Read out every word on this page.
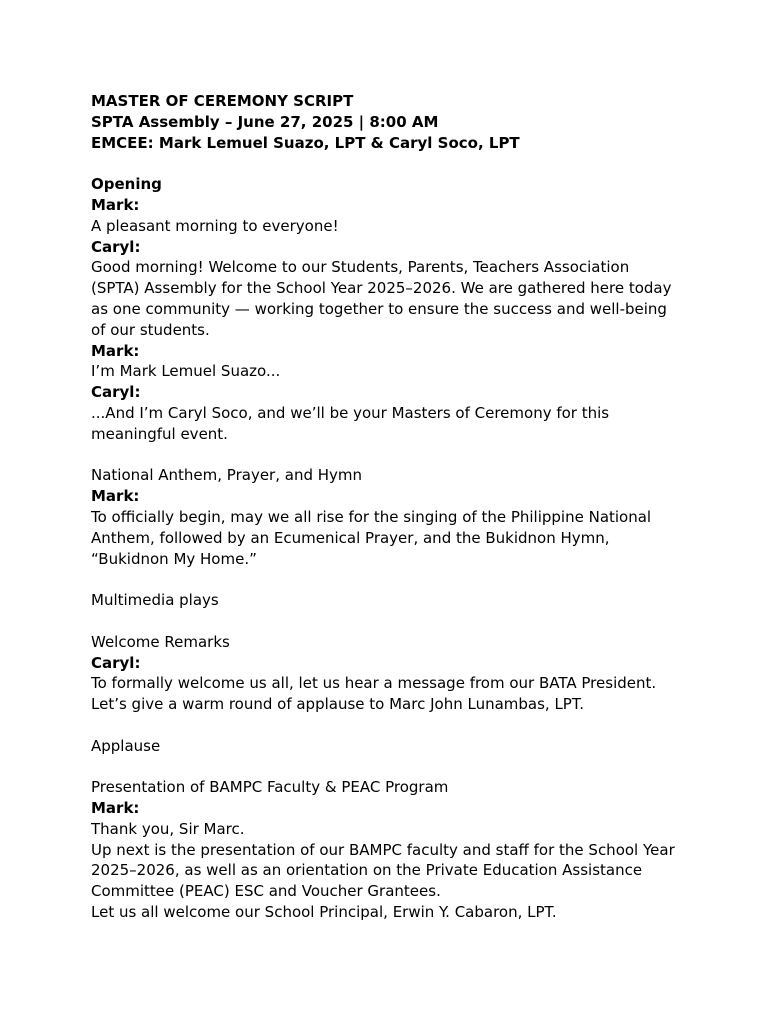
MASTER OF CEREMONY SCRIPT

SPTA Assembly – June 27, 2025 | 8:00 AM

EMCEE: Mark Lemuel Suazo, LPT & Caryl Soco, LPT

Opening

Mark:

A pleasant morning to everyone!

Caryl:

Good morning! Welcome to our Students, Parents, Teachers Association

(SPTA) Assembly for the School Year 2025–2026. We are gathered here today

as one community — working together to ensure the success and well-being

of our students.

Mark:

I’m Mark Lemuel Suazo...

Caryl:

...And I’m Caryl Soco, and we’ll be your Masters of Ceremony for this

meaningful event.

National Anthem, Prayer, and Hymn

Mark:

To officially begin, may we all rise for the singing of the Philippine National

Anthem, followed by an Ecumenical Prayer, and the Bukidnon Hymn,

“Bukidnon My Home.”

Multimedia plays

Welcome Remarks

Caryl:

To formally welcome us all, let us hear a message from our BATA President.

Let’s give a warm round of applause to Marc John Lunambas, LPT.

Applause

Presentation of BAMPC Faculty & PEAC Program

Mark:

Thank you, Sir Marc.

Up next is the presentation of our BAMPC faculty and staff for the School Year

2025–2026, as well as an orientation on the Private Education Assistance

Committee (PEAC) ESC and Voucher Grantees.

Let us all welcome our School Principal, Erwin Y. Cabaron, LPT.
